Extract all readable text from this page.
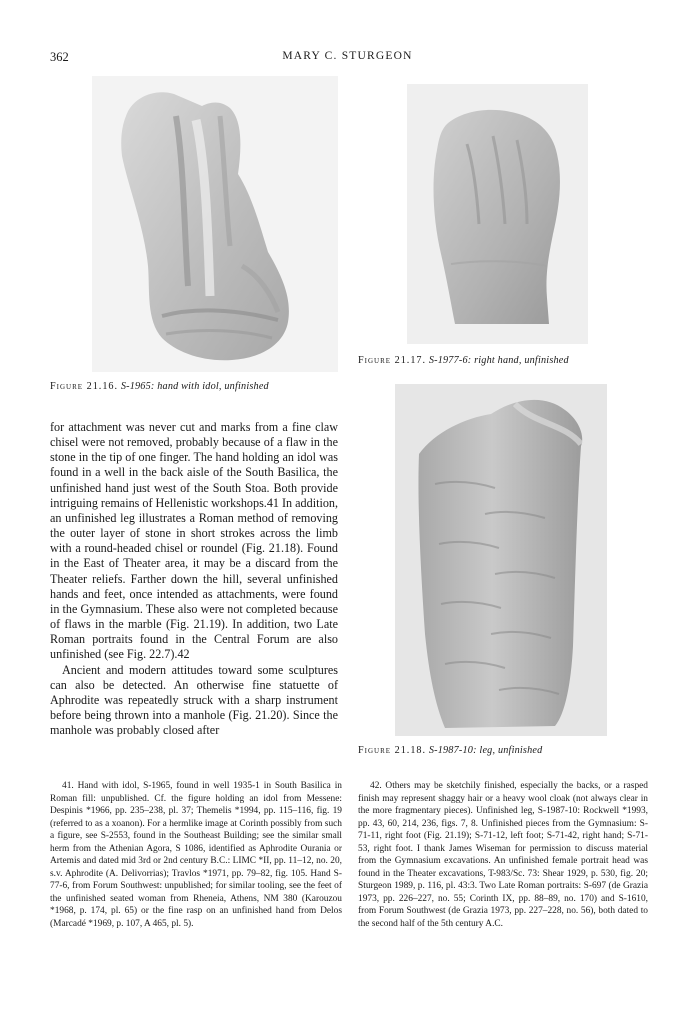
362	MARY C. STURGEON
Figure 21.16. S-1965: hand with idol, unfinished
Figure 21.17. S-1977-6: right hand, unfinished
Figure 21.18. S-1987-10: leg, unfinished

for attachment was never cut and marks from a fine claw chisel were not removed, probably because of a flaw in the stone in the tip of one finger. The hand holding an idol was found in a well in the back aisle of the South Basilica, the unfinished hand just west of the South Stoa. Both provide intriguing remains of Hellenistic workshops.41 In addition, an unfinished leg illustrates a Roman method of removing the outer layer of stone in short strokes across the limb with a round-headed chisel or roundel (Fig. 21.18). Found in the East of Theater area, it may be a discard from the Theater reliefs. Farther down the hill, several unfinished hands and feet, once intended as attachments, were found in the Gymnasium. These also were not completed because of flaws in the marble (Fig. 21.19). In addition, two Late Roman portraits found in the Central Forum are also unfinished (see Fig. 22.7).42

Ancient and modern attitudes toward some sculptures can also be detected. An otherwise fine statuette of Aphrodite was repeatedly struck with a sharp instrument before being thrown into a manhole (Fig. 21.20). Since the manhole was probably closed after

41. Hand with idol, S-1965, found in well 1935-1 in South Basilica in Roman fill: unpublished. Cf. the figure holding an idol from Messene: Despinis *1966, pp. 235–238, pl. 37; Themelis *1994, pp. 115–116, fig. 19 (referred to as a xoanon). For a hermlike image at Corinth possibly from such a figure, see S-2553, found in the Southeast Building; see the similar small herm from the Athenian Agora, S 1086, identified as Aphrodite Ourania or Artemis and dated mid 3rd or 2nd century B.C.: LIMC *II, pp. 11–12, no. 20, s.v. Aphrodite (A. Delivorrias); Travlos *1971, pp. 79–82, fig. 105. Hand S-77-6, from Forum Southwest: unpublished; for similar tooling, see the feet of the unfinished seated woman from Rheneia, Athens, NM 380 (Karouzou *1968, p. 174, pl. 65) or the fine rasp on an unfinished hand from Delos (Marcadé *1969, p. 107, A 465, pl. 5).

42. Others may be sketchily finished, especially the backs, or a rasped finish may represent shaggy hair or a heavy wool cloak (not always clear in the more fragmentary pieces). Unfinished leg, S-1987-10: Rockwell *1993, pp. 43, 60, 214, 236, figs. 7, 8. Unfinished pieces from the Gymnasium: S-71-11, right foot (Fig. 21.19); S-71-12, left foot; S-71-42, right hand; S-71-53, right foot. I thank James Wiseman for permission to discuss material from the Gymnasium excavations. An unfinished female portrait head was found in the Theater excavations, T-983/Sc. 73: Shear 1929, p. 530, fig. 20; Sturgeon 1989, p. 116, pl. 43:3. Two Late Roman portraits: S-697 (de Grazia 1973, pp. 226–227, no. 55; Corinth IX, pp. 88–89, no. 170) and S-1610, from Forum Southwest (de Grazia 1973, pp. 227–228, no. 56), both dated to the second half of the 5th century A.C.
